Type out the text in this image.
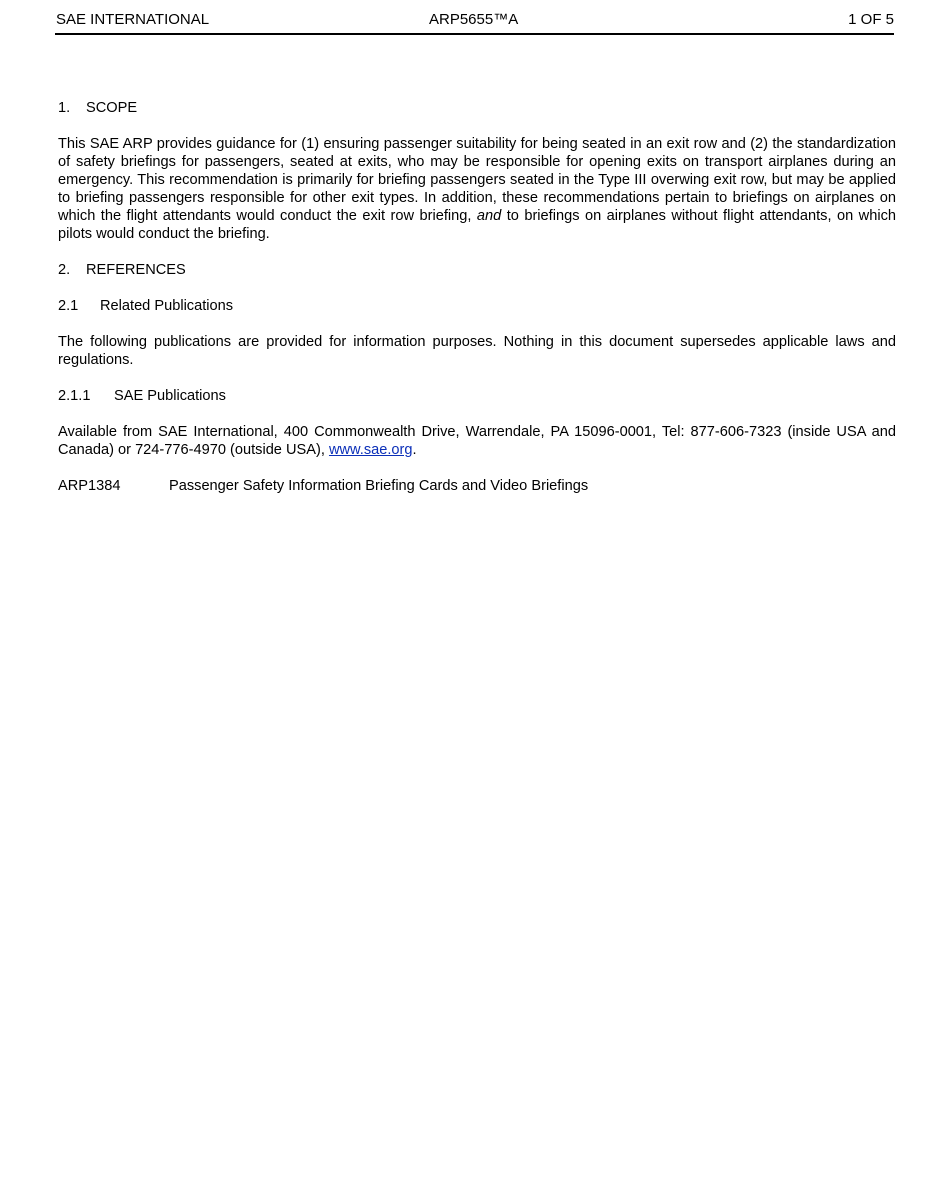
SAE INTERNATIONAL	ARP5655™A	1 OF 5
1. SCOPE

This SAE ARP provides guidance for (1) ensuring passenger suitability for being seated in an exit row and (2) the standardization of safety briefings for passengers, seated at exits, who may be responsible for opening exits on transport airplanes during an emergency. This recommendation is primarily for briefing passengers seated in the Type III overwing exit row, but may be applied to briefing passengers responsible for other exit types. In addition, these recommendations pertain to briefings on airplanes on which the flight attendants would conduct the exit row briefing, and to briefings on airplanes without flight attendants, on which pilots would conduct the briefing.

2. REFERENCES
2.1 Related Publications

The following publications are provided for information purposes. Nothing in this document supersedes applicable laws and regulations.

2.1.1 SAE Publications

Available from SAE International, 400 Commonwealth Drive, Warrendale, PA 15096-0001, Tel: 877-606-7323 (inside USA and Canada) or 724-776-4970 (outside USA), www.sae.org.

ARP1384	Passenger Safety Information Briefing Cards and Video Briefings
